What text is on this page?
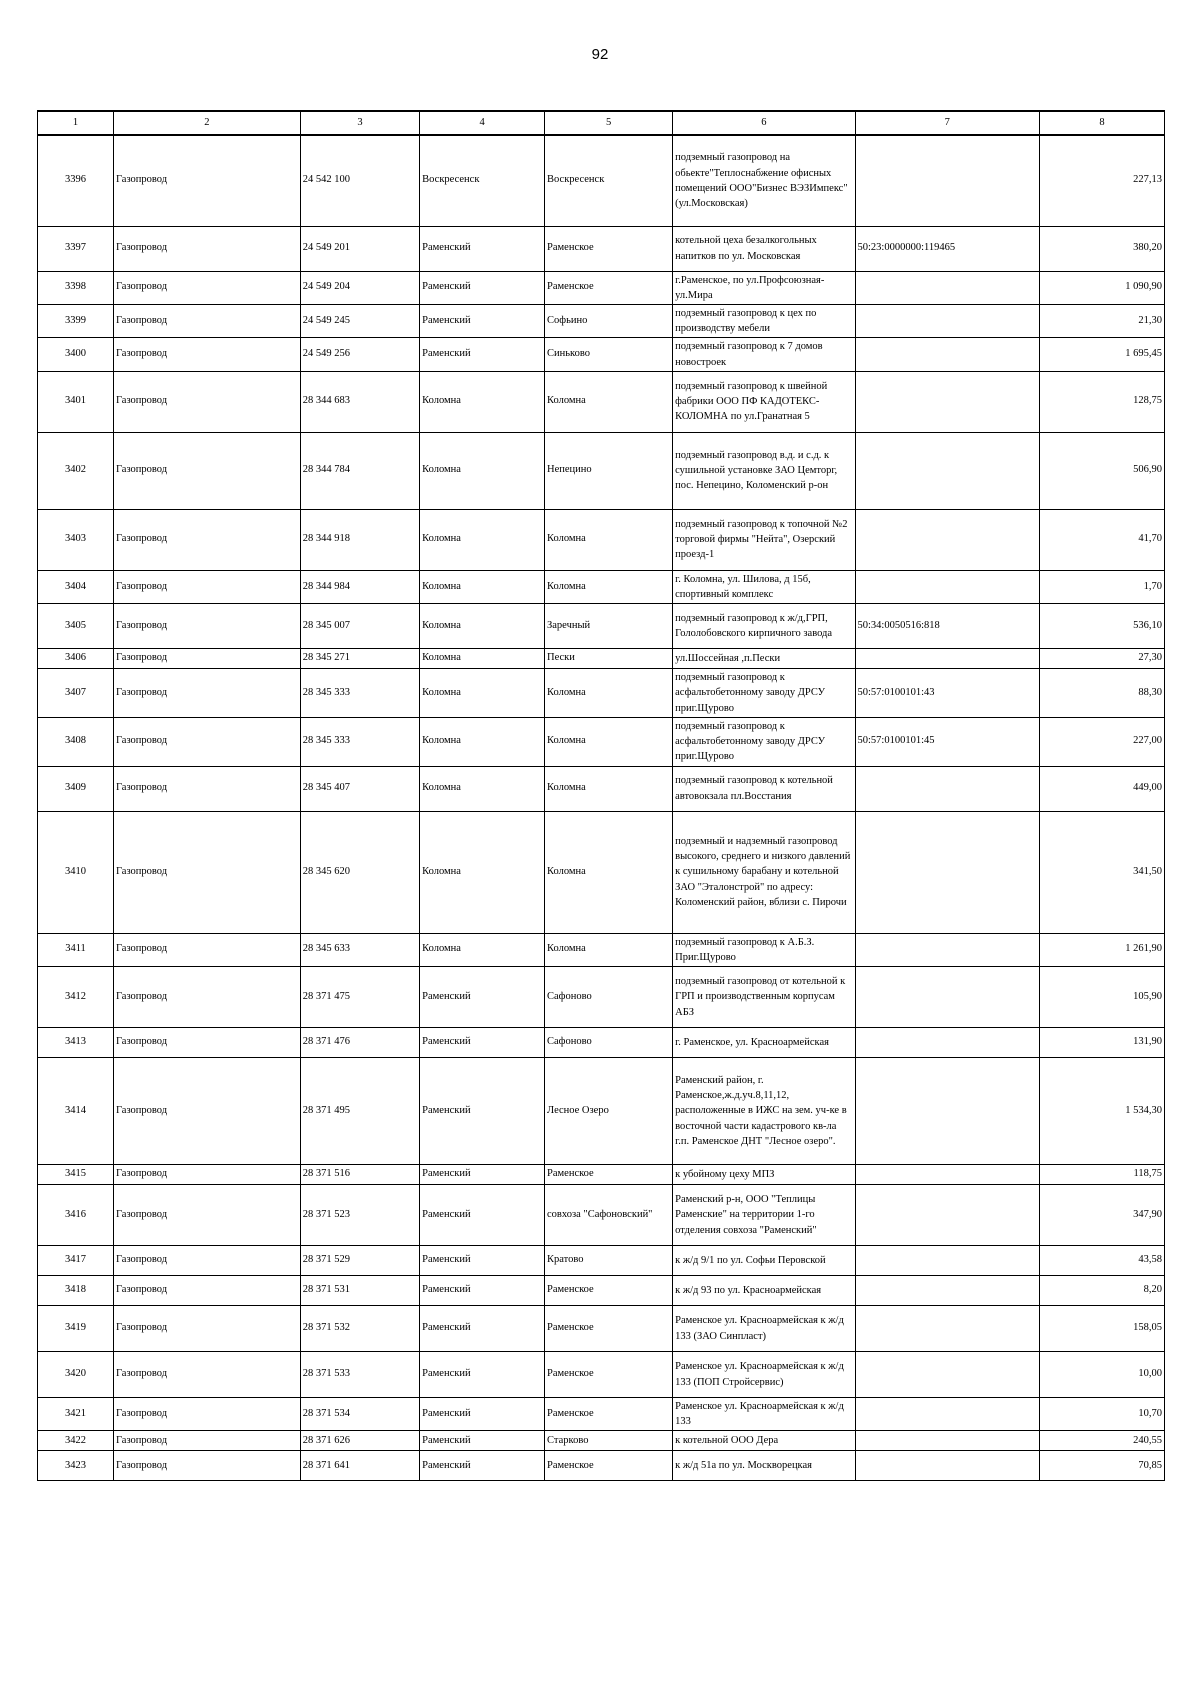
92
1	2	3	4	5	6	7	8
3396	Газопровод	24 542 100	Воскресенск	Воскресенск	подземный газопровод на обьекте"Теплоснабжение офисных помещений ООО"Бизнес ВЭЗИмпекс"(ул.Московская)		227,13
3397	Газопровод	24 549 201	Раменский	Раменское	котельной цеха безалкогольных напитков по ул. Московская	50:23:0000000:119465	380,20
3398	Газопровод	24 549 204	Раменский	Раменское	г.Раменское, по ул.Профсоюзная-ул.Мира		1 090,90
3399	Газопровод	24 549 245	Раменский	Софьино	подземный газопровод к цех по производству мебели		21,30
3400	Газопровод	24 549 256	Раменский	Синьково	подземный газопровод к 7 домов новостроек		1 695,45
3401	Газопровод	28 344 683	Коломна	Коломна	подземный газопровод к швейной фабрики ООО ПФ КАДОТЕКС-КОЛОМНА по ул.Гранатная 5		128,75
3402	Газопровод	28 344 784	Коломна	Непецино	подземный газопровод в.д. и с.д. к сушильной установке ЗАО Цемторг, пос. Непецино, Коломенский р-он		506,90
3403	Газопровод	28 344 918	Коломна	Коломна	подземный газопровод к топочной №2 торговой фирмы "Нейта", Озерский проезд-1		41,70
3404	Газопровод	28 344 984	Коломна	Коломна	г. Коломна, ул. Шилова, д 15б, спортивный комплекс		1,70
3405	Газопровод	28 345 007	Коломна	Заречный	подземный газопровод к ж/д,ГРП, Гололобовского кирпичного завода	50:34:0050516:818	536,10
3406	Газопровод	28 345 271	Коломна	Пески	ул.Шоссейная ,п.Пески		27,30
3407	Газопровод	28 345 333	Коломна	Коломна	подземный газопровод к асфальтобетонному заводу ДРСУ приг.Щурово	50:57:0100101:43	88,30
3408	Газопровод	28 345 333	Коломна	Коломна	подземный газопровод к асфальтобетонному заводу ДРСУ приг.Щурово	50:57:0100101:45	227,00
3409	Газопровод	28 345 407	Коломна	Коломна	подземный газопровод к котельной автовокзала пл.Восстания		449,00
3410	Газопровод	28 345 620	Коломна	Коломна	подземный и надземный газопровод высокого, среднего и низкого давлений к сушильному барабану и котельной ЗАО "Эталонстрой" по адресу: Коломенский район, вблизи с. Пирочи		341,50
3411	Газопровод	28 345 633	Коломна	Коломна	подземный газопровод к А.Б.З. Приг.Щурово		1 261,90
3412	Газопровод	28 371 475	Раменский	Сафоново	подземный газопровод от котельной к ГРП и производственным корпусам АБЗ		105,90
3413	Газопровод	28 371 476	Раменский	Сафоново	г. Раменское, ул. Красноармейская		131,90
3414	Газопровод	28 371 495	Раменский	Лесное Озеро	Раменский район, г. Раменское,ж.д.уч.8,11,12, расположенные в ИЖС на зем. уч-ке в восточной части кадастрового кв-ла г.п. Раменское ДНТ "Лесное озеро".		1 534,30
3415	Газопровод	28 371 516	Раменский	Раменское	к убойному цеху МПЗ		118,75
3416	Газопровод	28 371 523	Раменский	совхоза "Сафоновский"	Раменский р-н, ООО "Теплицы Раменские" на территории 1-го отделения совхоза "Раменский"		347,90
3417	Газопровод	28 371 529	Раменский	Кратово	к ж/д 9/1 по ул. Софьи Перовской		43,58
3418	Газопровод	28 371 531	Раменский	Раменское	к ж/д 93 по ул. Красноармейская		8,20
3419	Газопровод	28 371 532	Раменский	Раменское	Раменское ул. Красноармейская к ж/д 133 (ЗАО Синпласт)		158,05
3420	Газопровод	28 371 533	Раменский	Раменское	Раменское ул. Красноармейская к ж/д 133 (ПОП Стройсервис)		10,00
3421	Газопровод	28 371 534	Раменский	Раменское	Раменское ул. Красноармейская к ж/д 133		10,70
3422	Газопровод	28 371 626	Раменский	Старково	к котельной ООО Дера		240,55
3423	Газопровод	28 371 641	Раменский	Раменское	к ж/д 51а по ул. Москворецкая		70,85
